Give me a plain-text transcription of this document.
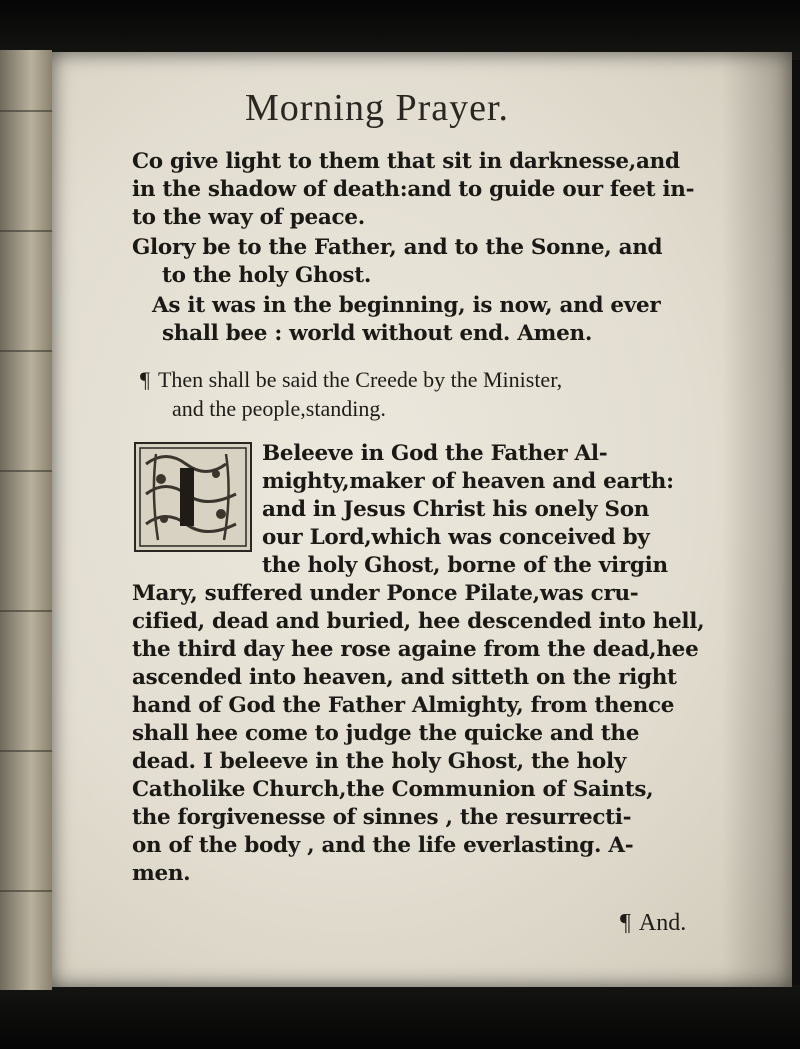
Morning Prayer.
Co give light to them that sit in darknesse,and
in the shadow of death:and to guide our feet in-
to the way of peace.
Glory be to the Father, and to the Sonne, and
to the holy Ghost.
As it was in the beginning, is now, and ever
shall bee : world without end. Amen.
¶ Then shall be said the Creede by the Minister,
and the people,standing.
Beleeve in God the Father Al-
mighty,maker of heaven and earth:
and in Jesus Christ his onely Son
our Lord,which was conceived by
the holy Ghost, borne of the virgin
Mary, suffered under Ponce Pilate,was cru-
cified, dead and buried, hee descended into hell,
the third day hee rose againe from the dead,hee
ascended into heaven, and sitteth on the right
hand of God the Father Almighty, from thence
shall hee come to judge the quicke and the
dead. I beleeve in the holy Ghost, the holy
Catholike Church,the Communion of Saints,
the forgivenesse of sinnes , the resurrecti-
on of the body , and the life everlasting. A-
men.
¶ And.
